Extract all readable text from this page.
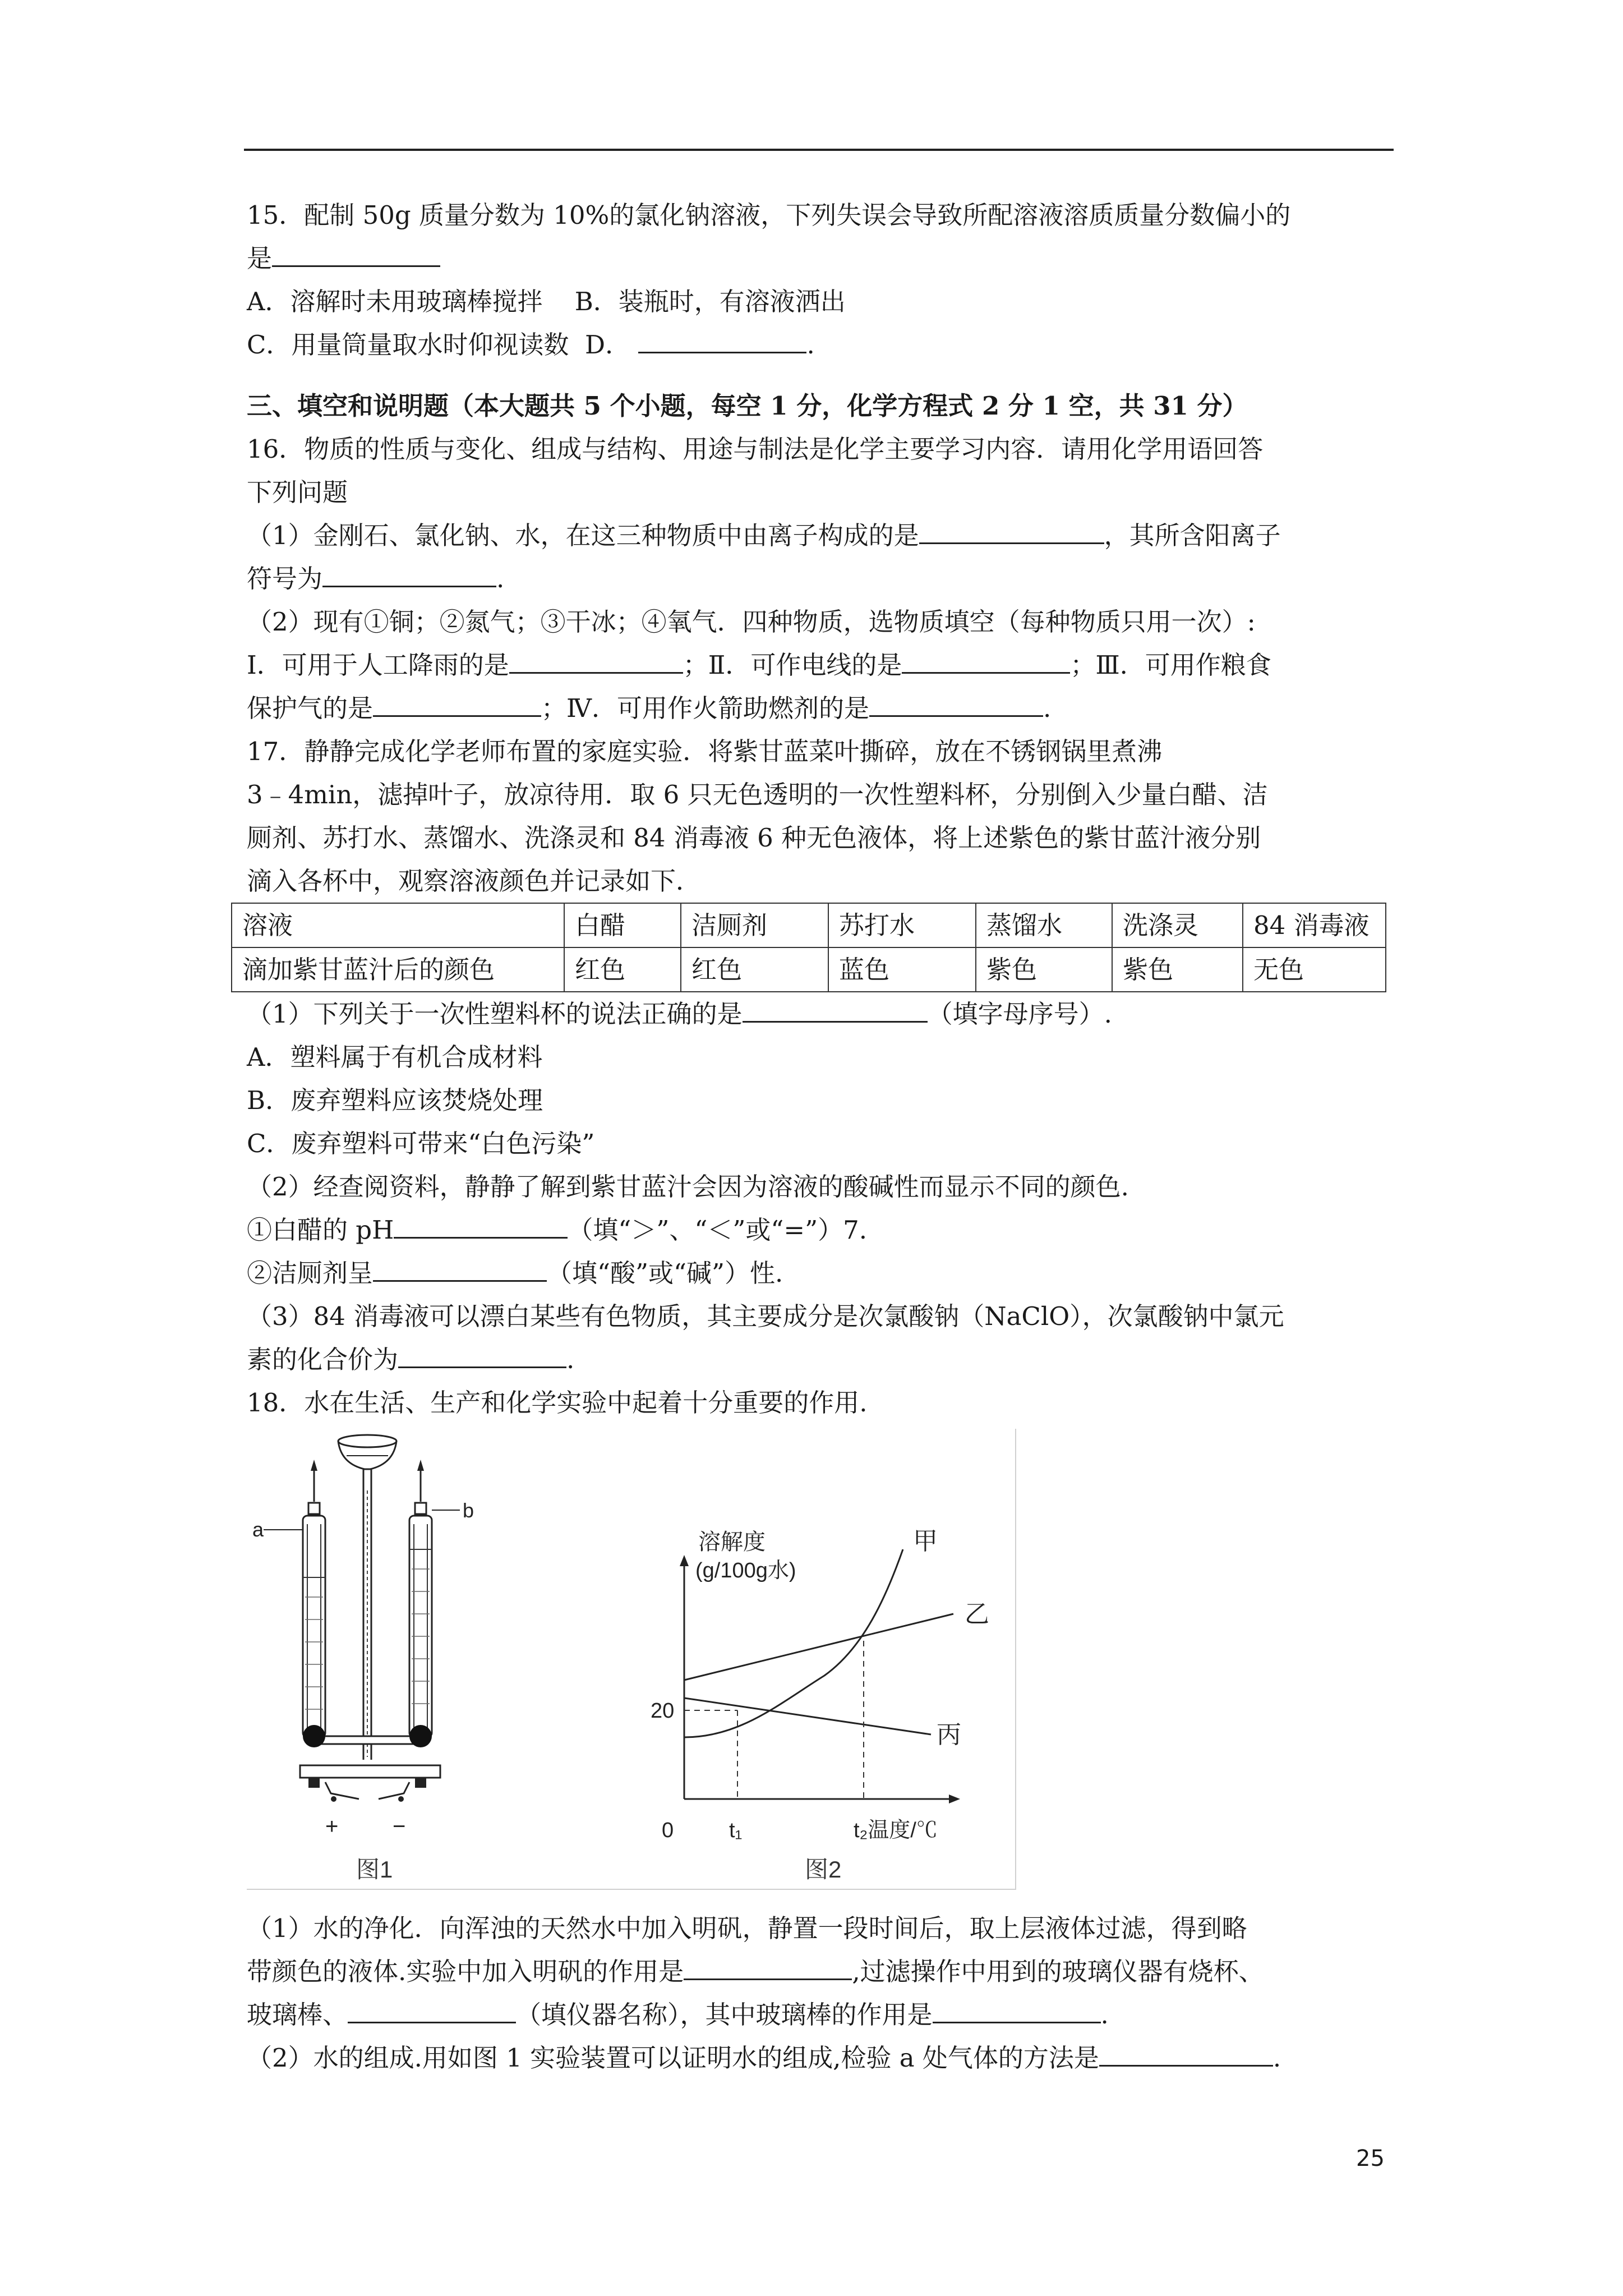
15．配制 50g 质量分数为 10%的氯化钠溶液，下列失误会导致所配溶液溶质质量分数偏小的
是
A．溶解时未用玻璃棒搅拌 B．装瓶时，有溶液洒出
C．用量筒量取水时仰视读数 D．	.
三、填空和说明题（本大题共 5 个小题，每空 1 分，化学方程式 2 分 1 空，共 31 分）
16．物质的性质与变化、组成与结构、用途与制法是化学主要学习内容．请用化学用语回答
下列问题
（1）金刚石、氯化钠、水，在这三种物质中由离子构成的是	，其所含阳离子
符号为	.
（2）现有①铜；②氮气；③干冰；④氧气．四种物质，选物质填空（每种物质只用一次）:
Ⅰ．可用于人工降雨的是	；Ⅱ．可作电线的是	；Ⅲ．可用作粮食
保护气的是	；Ⅳ．可用作火箭助燃剂的是	.
17．静静完成化学老师布置的家庭实验．将紫甘蓝菜叶撕碎，放在不锈钢锅里煮沸
3﹣4min，滤掉叶子，放凉待用．取 6 只无色透明的一次性塑料杯，分别倒入少量白醋、洁
厕剂、苏打水、蒸馏水、洗涤灵和 84 消毒液 6 种无色液体，将上述紫色的紫甘蓝汁液分别
滴入各杯中，观察溶液颜色并记录如下．
溶液	白醋	洁厕剂	苏打水	蒸馏水	洗涤灵	84 消毒液
滴加紫甘蓝汁后的颜色	红色	红色	蓝色	紫色	紫色	无色
（1）下列关于一次性塑料杯的说法正确的是	（填字母序号）.
A．塑料属于有机合成材料
B．废弃塑料应该焚烧处理
C．废弃塑料可带来“白色污染”
（2）经查阅资料，静静了解到紫甘蓝汁会因为溶液的酸碱性而显示不同的颜色.
①白醋的 pH	（填“＞”、“＜”或“=”）7.
②洁厕剂呈	（填“酸”或“碱”）性.
（3）84 消毒液可以漂白某些有色物质，其主要成分是次氯酸钠（NaClO），次氯酸钠中氯元
素的化合价为	.
18．水在生活、生产和化学实验中起着十分重要的作用.
a
b
+ −
图1
溶解度
(g/100g水)
20
0	t₁	t₂温度/℃
甲
乙
丙
图2
（1）水的净化．向浑浊的天然水中加入明矾，静置一段时间后，取上层液体过滤，得到略
带颜色的液体.实验中加入明矾的作用是	,过滤操作中用到的玻璃仪器有烧杯、
玻璃棒、	（填仪器名称），其中玻璃棒的作用是	.
（2）水的组成.用如图 1 实验装置可以证明水的组成,检验 a 处气体的方法是	.
25
